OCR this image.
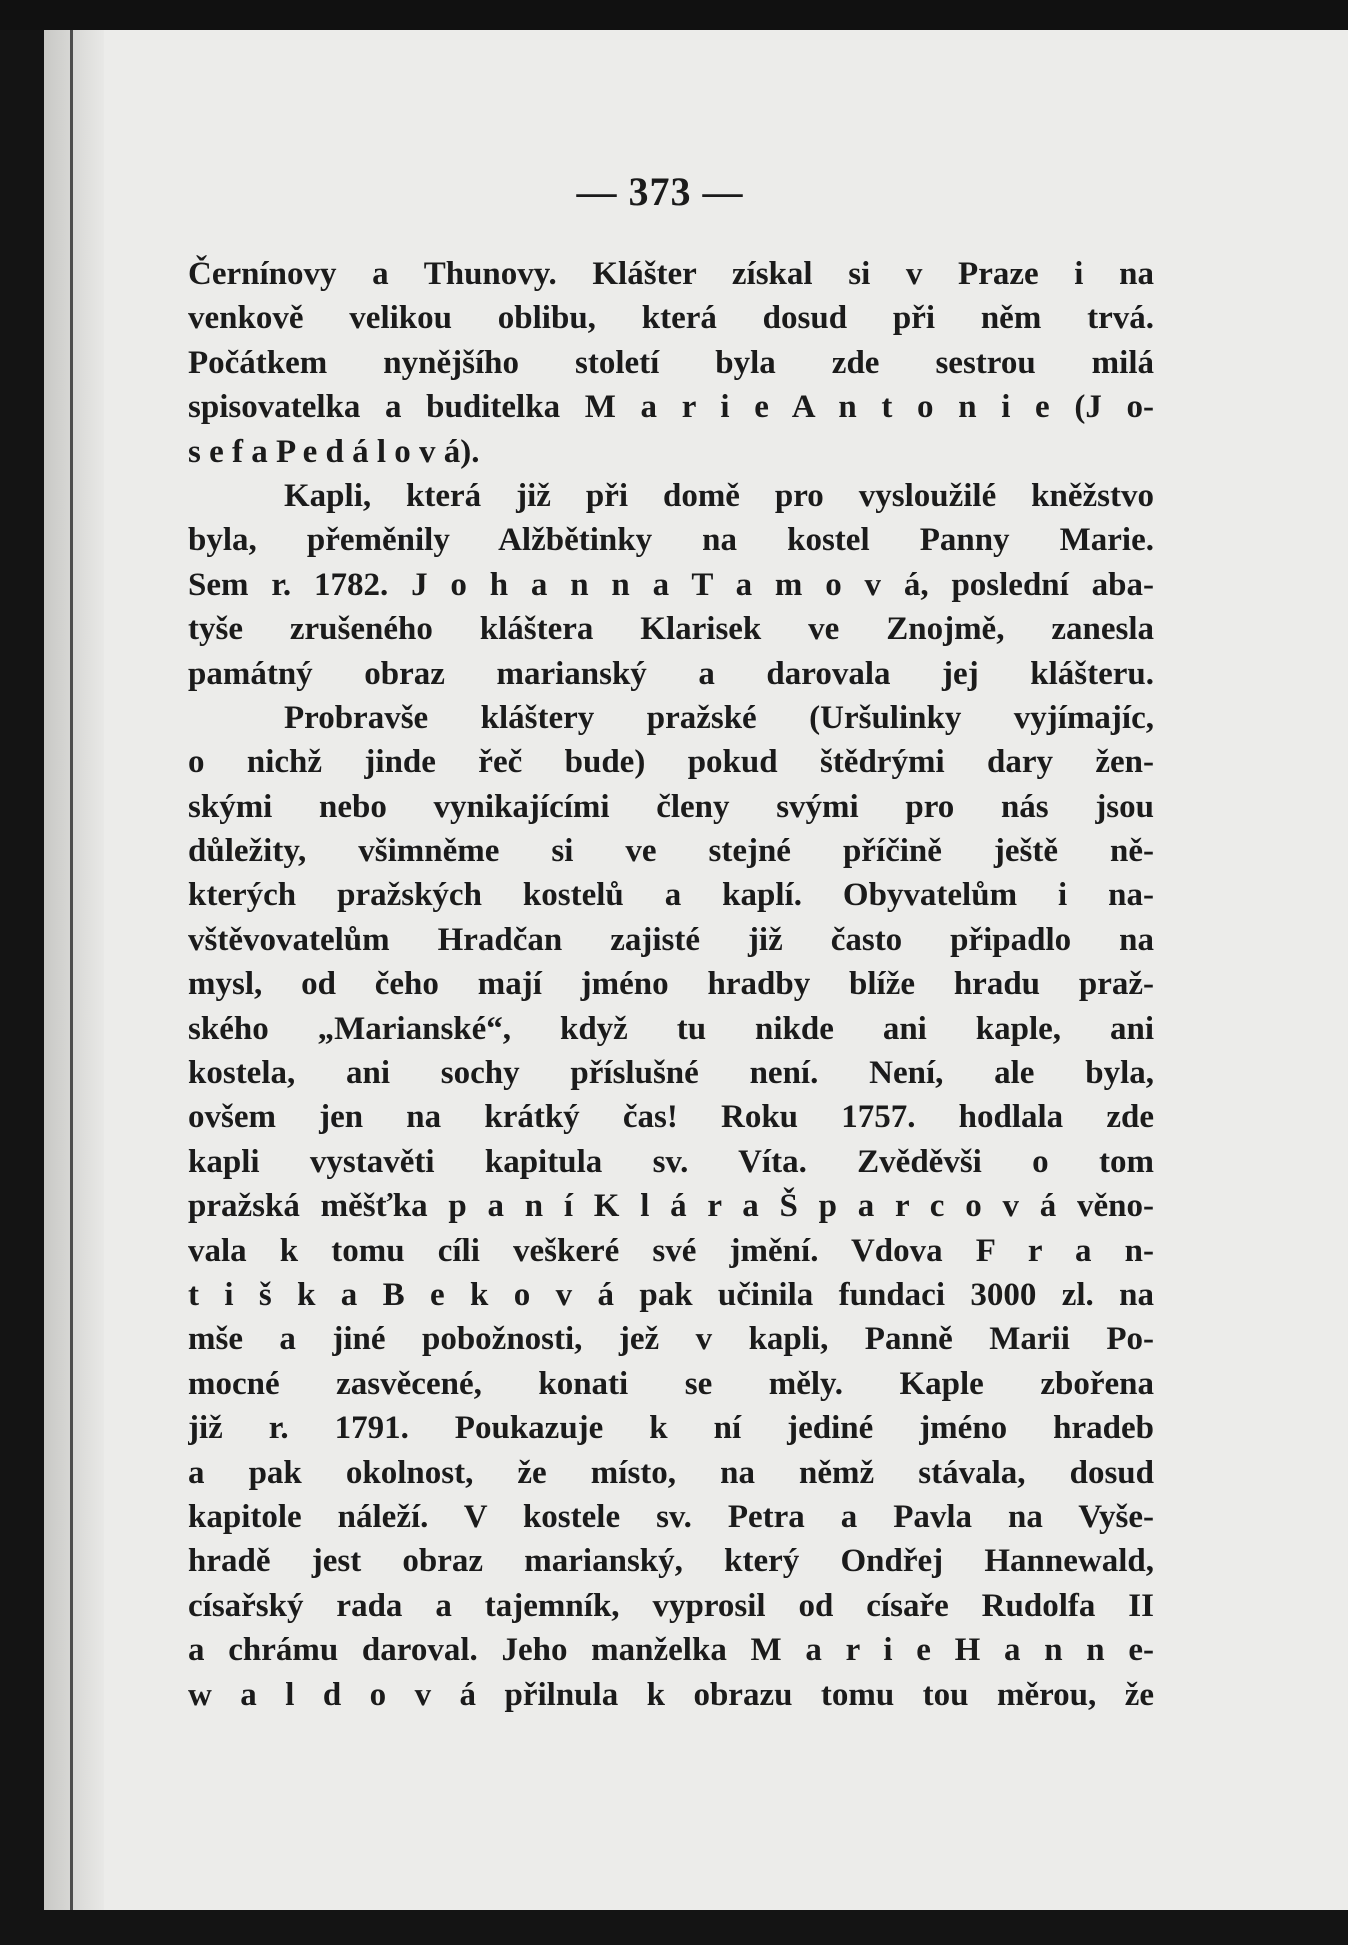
— 373 —
Černínovy a Thunovy. Klášter získal si v Praze i na
venkově velikou oblibu, která dosud při něm trvá.
Počátkem nynějšího století byla zde sestrou milá
spisovatelka a buditelka M a r i e A n t o n i e (J o-
s e f a P e d á l o v á).
Kapli, která již při domě pro vysloužilé kněžstvo
byla, přeměnily Alžbětinky na kostel Panny Marie.
Sem r. 1782. J o h a n n a T a m o v á, poslední aba-
tyše zrušeného kláštera Klarisek ve Znojmě, zanesla
památný obraz marianský a darovala jej klášteru.
Probravše kláštery pražské (Uršulinky vyjímajíc,
o nichž jinde řeč bude) pokud štědrými dary žen-
skými nebo vynikajícími členy svými pro nás jsou
důležity, všimněme si ve stejné příčině ještě ně-
kterých pražských kostelů a kaplí. Obyvatelům i na-
vštěvovatelům Hradčan zajisté již často připadlo na
mysl, od čeho mají jméno hradby blíže hradu praž-
ského „Marianské“, když tu nikde ani kaple, ani
kostela, ani sochy příslušné není. Není, ale byla,
ovšem jen na krátký čas! Roku 1757. hodlala zde
kapli vystavěti kapitula sv. Víta. Zvěděvši o tom
pražská měšťka p a n í K l á r a Š p a r c o v á věno-
vala k tomu cíli veškeré své jmění. Vdova F r a n-
t i š k a B e k o v á pak učinila fundaci 3000 zl. na
mše a jiné pobožnosti, jež v kapli, Panně Marii Po-
mocné zasvěcené, konati se měly. Kaple zbořena
již r. 1791. Poukazuje k ní jediné jméno hradeb
a pak okolnost, že místo, na němž stávala, dosud
kapitole náleží. V kostele sv. Petra a Pavla na Vyše-
hradě jest obraz marianský, který Ondřej Hannewald,
císařský rada a tajemník, vyprosil od císaře Rudolfa II
a chrámu daroval. Jeho manželka M a r i e H a n n e-
w a l d o v á přilnula k obrazu tomu tou měrou, že
